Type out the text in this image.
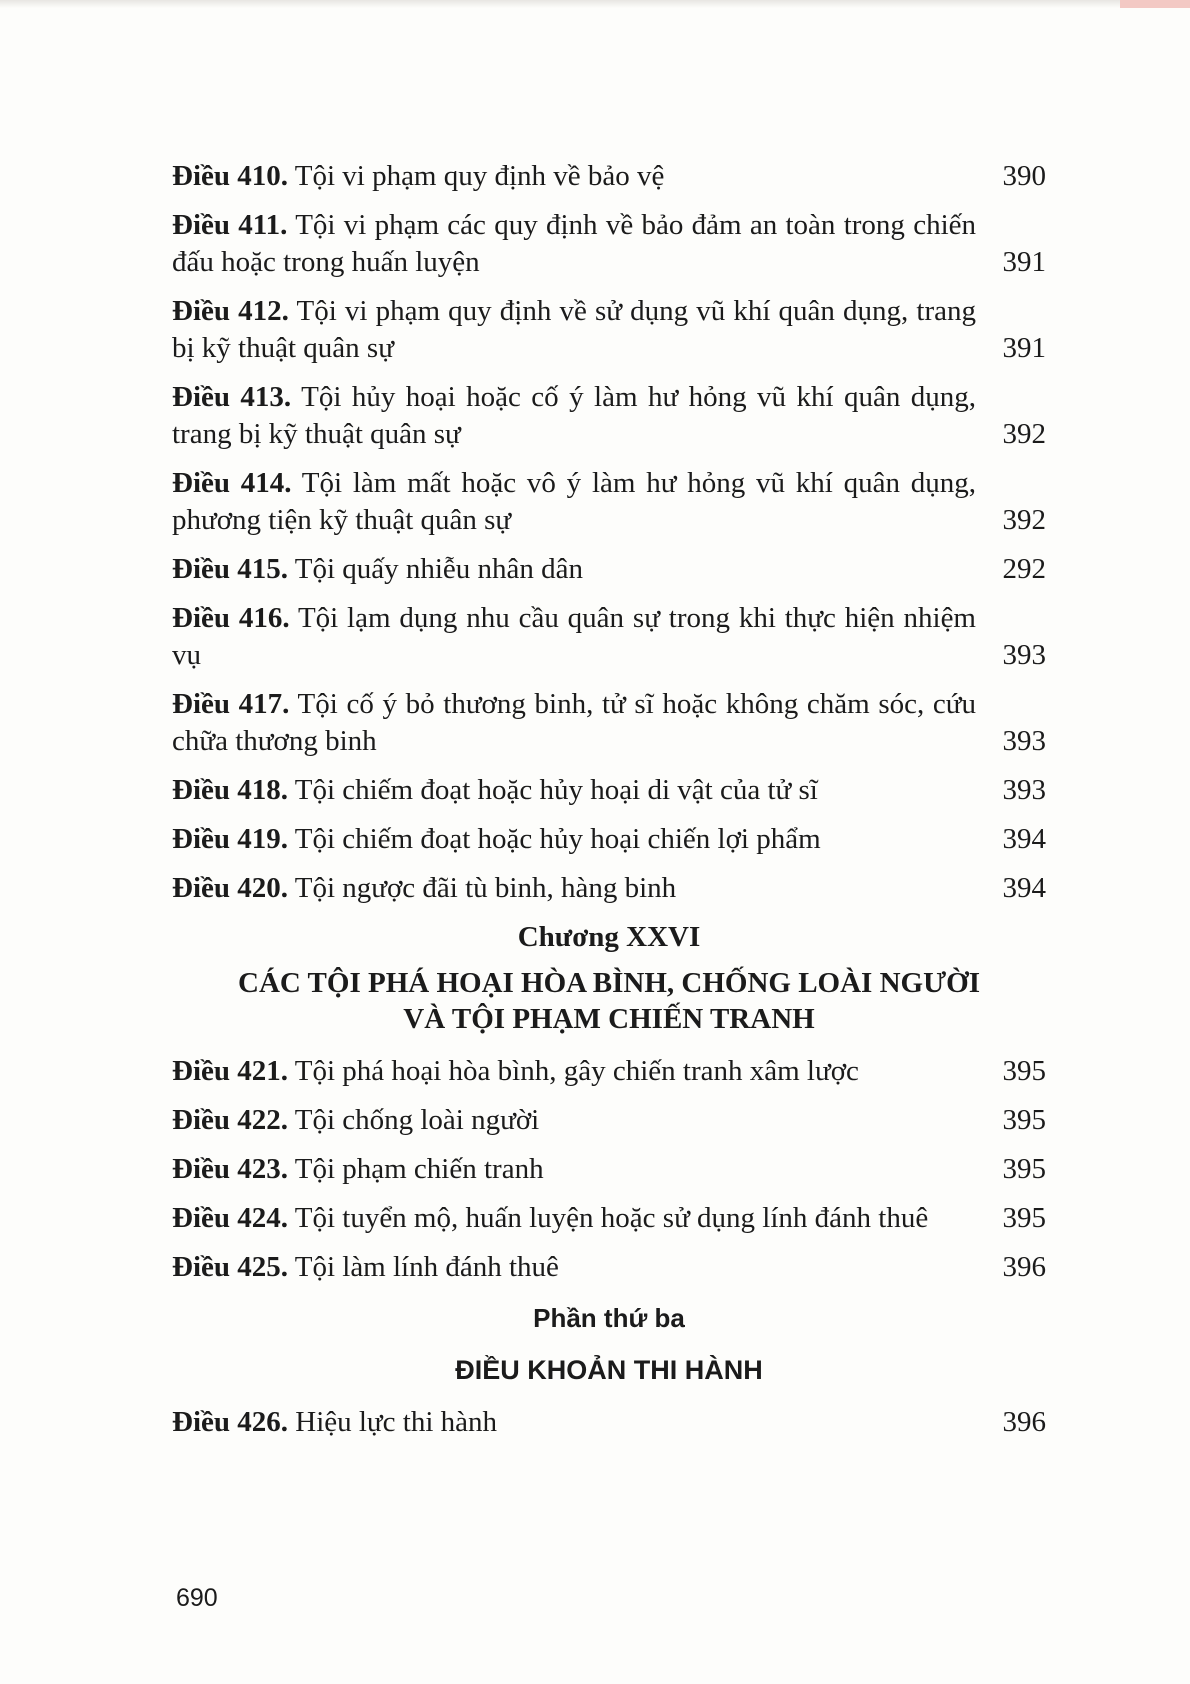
Điều 410. Tội vi phạm quy định về bảo vệ	390
Điều 411. Tội vi phạm các quy định về bảo đảm an toàn trong chiến đấu hoặc trong huấn luyện	391
Điều 412. Tội vi phạm quy định về sử dụng vũ khí quân dụng, trang bị kỹ thuật quân sự	391
Điều 413. Tội hủy hoại hoặc cố ý làm hư hỏng vũ khí quân dụng, trang bị kỹ thuật quân sự	392
Điều 414. Tội làm mất hoặc vô ý làm hư hỏng vũ khí quân dụng, phương tiện kỹ thuật quân sự	392
Điều 415. Tội quấy nhiễu nhân dân	292
Điều 416. Tội lạm dụng nhu cầu quân sự trong khi thực hiện nhiệm vụ	393
Điều 417. Tội cố ý bỏ thương binh, tử sĩ hoặc không chăm sóc, cứu chữa thương binh	393
Điều 418. Tội chiếm đoạt hoặc hủy hoại di vật của tử sĩ	393
Điều 419. Tội chiếm đoạt hoặc hủy hoại chiến lợi phẩm	394
Điều 420. Tội ngược đãi tù binh, hàng binh	394
Chương XXVI
CÁC TỘI PHÁ HOẠI HÒA BÌNH, CHỐNG LOÀI NGƯỜI
VÀ TỘI PHẠM CHIẾN TRANH
Điều 421. Tội phá hoại hòa bình, gây chiến tranh xâm lược	395
Điều 422. Tội chống loài người	395
Điều 423. Tội phạm chiến tranh	395
Điều 424. Tội tuyển mộ, huấn luyện hoặc sử dụng lính đánh thuê	395
Điều 425. Tội làm lính đánh thuê	396
Phần thứ ba
ĐIỀU KHOẢN THI HÀNH
Điều 426. Hiệu lực thi hành	396
690
